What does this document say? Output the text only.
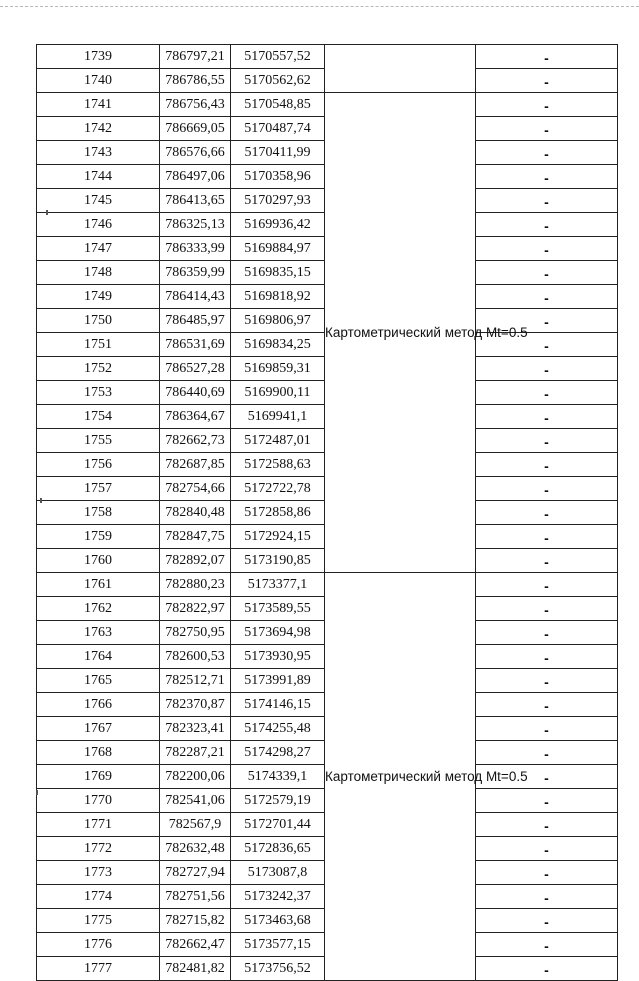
1739	786797,21	5170557,52		-
1740	786786,55	5170562,62		-
1741	786756,43	5170548,85	Картометрический метод Mt=0.5	-
1742	786669,05	5170487,74		-
1743	786576,66	5170411,99		-
1744	786497,06	5170358,96		-
1745	786413,65	5170297,93		-
1746	786325,13	5169936,42		-
1747	786333,99	5169884,97		-
1748	786359,99	5169835,15		-
1749	786414,43	5169818,92		-
1750	786485,97	5169806,97		-
1751	786531,69	5169834,25		-
1752	786527,28	5169859,31		-
1753	786440,69	5169900,11		-
1754	786364,67	5169941,1		-
1755	782662,73	5172487,01		-
1756	782687,85	5172588,63		-
1757	782754,66	5172722,78		-
1758	782840,48	5172858,86		-
1759	782847,75	5172924,15		-
1760	782892,07	5173190,85		-
1761	782880,23	5173377,1	Картометрический метод Mt=0.5	-
1762	782822,97	5173589,55		-
1763	782750,95	5173694,98		-
1764	782600,53	5173930,95		-
1765	782512,71	5173991,89		-
1766	782370,87	5174146,15		-
1767	782323,41	5174255,48		-
1768	782287,21	5174298,27		-
1769	782200,06	5174339,1		-
1770	782541,06	5172579,19		-
1771	782567,9	5172701,44		-
1772	782632,48	5172836,65		-
1773	782727,94	5173087,8		-
1774	782751,56	5173242,37		-
1775	782715,82	5173463,68		-
1776	782662,47	5173577,15		-
1777	782481,82	5173756,52		-
